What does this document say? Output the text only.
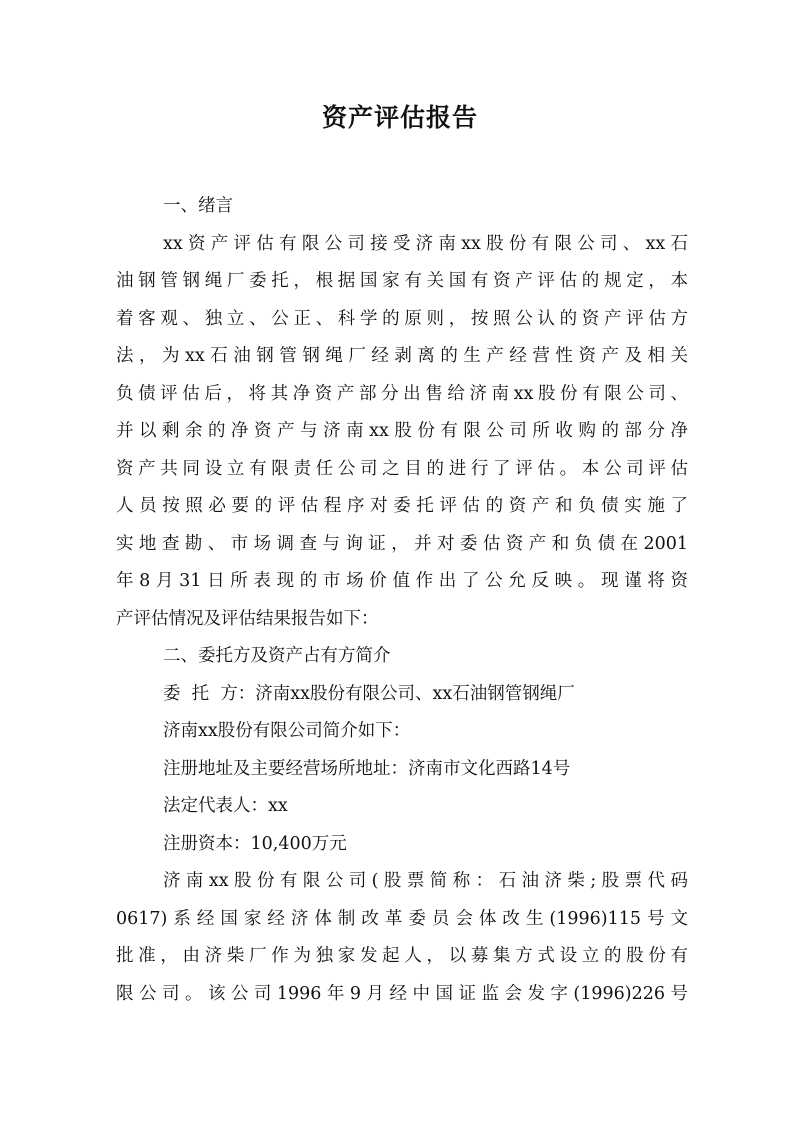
资产评估报告
一、绪言
xx资产评估有限公司接受济南xx股份有限公司、xx石
油钢管钢绳厂委托，根据国家有关国有资产评估的规定，本
着客观、独立、公正、科学的原则，按照公认的资产评估方
法，为xx石油钢管钢绳厂经剥离的生产经营性资产及相关
负债评估后，将其净资产部分出售给济南xx股份有限公司、
并以剩余的净资产与济南xx股份有限公司所收购的部分净
资产共同设立有限责任公司之目的进行了评估。本公司评估
人员按照必要的评估程序对委托评估的资产和负债实施了
实地查勘、市场调查与询证，并对委估资产和负债在2001
年8月31日所表现的市场价值作出了公允反映。现谨将资
产评估情况及评估结果报告如下：
二、委托方及资产占有方简介
委  托  方：济南xx股份有限公司、xx石油钢管钢绳厂
济南xx股份有限公司简介如下：
注册地址及主要经营场所地址：济南市文化西路14号
法定代表人：xx
注册资本：10,400万元
济南xx股份有限公司(股票简称：石油济柴;股票代码
0617)系经国家经济体制改革委员会体改生(1996)115号文
批准，由济柴厂作为独家发起人，以募集方式设立的股份有
限公司。该公司1996年9月经中国证监会发字(1996)226号
